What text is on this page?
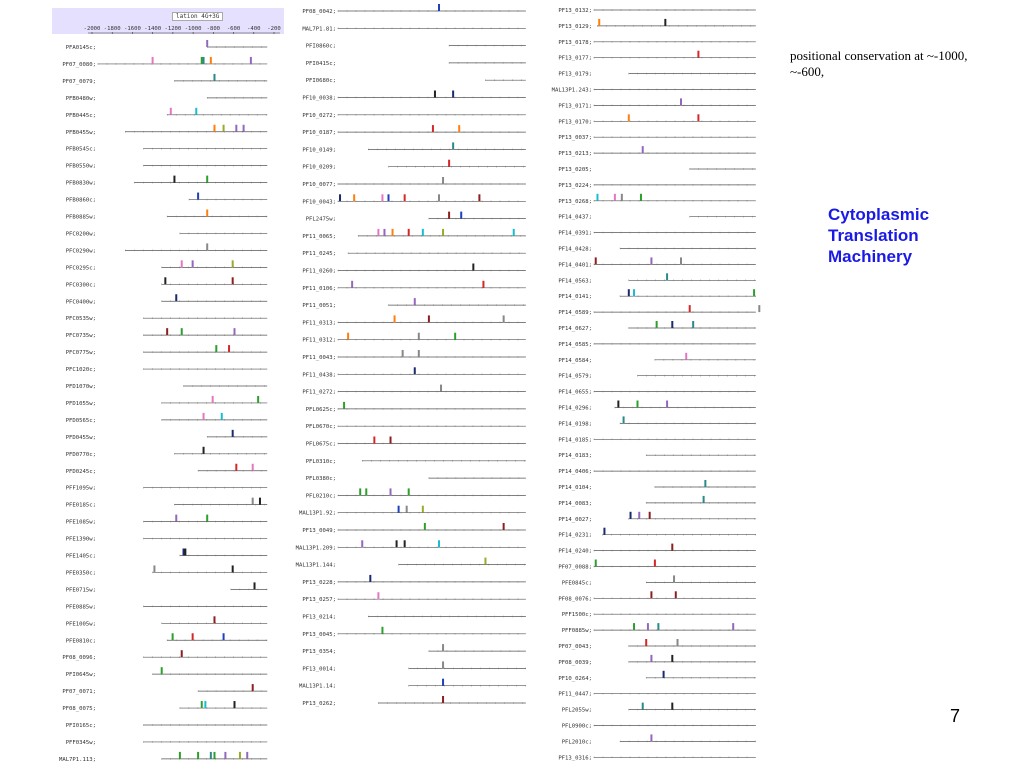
lation 4G+3G
-2000 -1800 -1600 -1400 -1200 -1000 -800 -600 -400 -200
PFA0145c;
PF07_0080;
PF07_0079;
PFB0480w;
PFB0445c;
PFB0455w;
PFB0545c;
PFB0550w;
PFB0830w;
PFB0860c;
PFB0885w;
PFC0200w;
PFC0290w;
PFC0295c;
PFC0300c;
PFC0400w;
PFC0535w;
PFC0735w;
PFC0775w;
PFC1020c;
PFD1070w;
PFD1055w;
PFD0565c;
PFD0455w;
PFD0770c;
PFD0245c;
PFF1095w;
PFE0185c;
PFE1085w;
PFE1390w;
PFE1405c;
PFE0350c;
PFE0715w;
PFE0885w;
PFE1005w;
PFE0810c;
PF08_0096;
PFI0645w;
PF07_0071;
PF08_0075;
PFI0165c;
PFF0345w;
MAL7P1.113;
PF08_0042;
MAL7P1.81;
PFI0860c;
PFI0415c;
PFI0680c;
PF10_0038;
PF10_0272;
PF10_0187;
PF10_0149;
PF10_0209;
PF10_0077;
PF10_0043;
PFL2475w;
PF11_0065;
PF11_0245;
PF11_0260;
PF11_0106;
PF11_0051;
PF11_0313;
PF11_0312;
PF11_0043;
PF11_0438;
PF11_0272;
PFL0625c;
PFL0670c;
PFL0675c;
PFL0310c;
PFL0380c;
PFL0210c;
MAL13P1.92;
PF13_0049;
MAL13P1.209;
MAL13P1.144;
PF13_0228;
PF13_0257;
PF13_0214;
PF13_0045;
PF13_0354;
PF13_0014;
MAL13P1.14;
PF13_0262;
PF13_0132;
PF13_0129;
PF13_0178;
PF13_0177;
PF13_0179;
MAL13P1.243;
PF13_0171;
PF13_0170;
PF13_0037;
PF13_0213;
PF13_0205;
PF13_0224;
PF13_0268;
PF14_0437;
PF14_0391;
PF14_0428;
PF14_0401;
PF14_0563;
PF14_0141;
PF14_0589;
PF14_0627;
PF14_0585;
PF14_0584;
PF14_0579;
PF14_0655;
PF14_0296;
PF14_0198;
PF14_0185;
PF14_0183;
PF14_0406;
PF14_0104;
PF14_0083;
PF14_0027;
PF14_0231;
PF14_0240;
PF07_0088;
PFE0845c;
PF08_0076;
PFF1500c;
PFF0885w;
PF07_0043;
PF08_0039;
PF10_0264;
PF11_0447;
PFL2055w;
PFL0900c;
PFL2010c;
PF13_0316;
positional conservation at ~-1000, ~-600,
Cytoplasmic
Translation
Machinery
7
